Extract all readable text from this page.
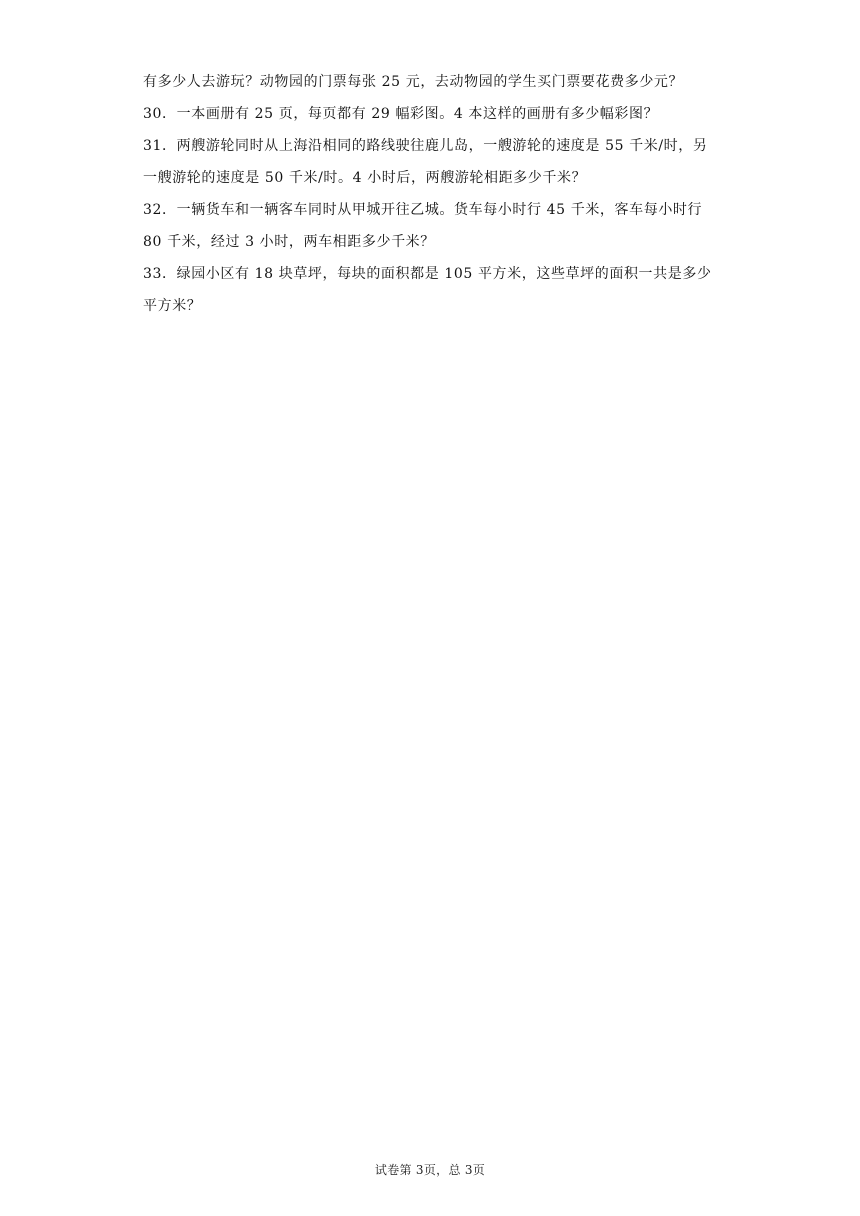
有多少人去游玩？动物园的门票每张 25 元，去动物园的学生买门票要花费多少元？
30．一本画册有 25 页，每页都有 29 幅彩图。4 本这样的画册有多少幅彩图？
31．两艘游轮同时从上海沿相同的路线驶往鹿儿岛，一艘游轮的速度是 55 千米/时，另
一艘游轮的速度是 50 千米/时。4 小时后，两艘游轮相距多少千米？
32．一辆货车和一辆客车同时从甲城开往乙城。货车每小时行 45 千米，客车每小时行
80 千米，经过 3 小时，两车相距多少千米？
33．绿园小区有 18 块草坪，每块的面积都是 105 平方米，这些草坪的面积一共是多少
平方米？
试卷第 3页，总 3页
